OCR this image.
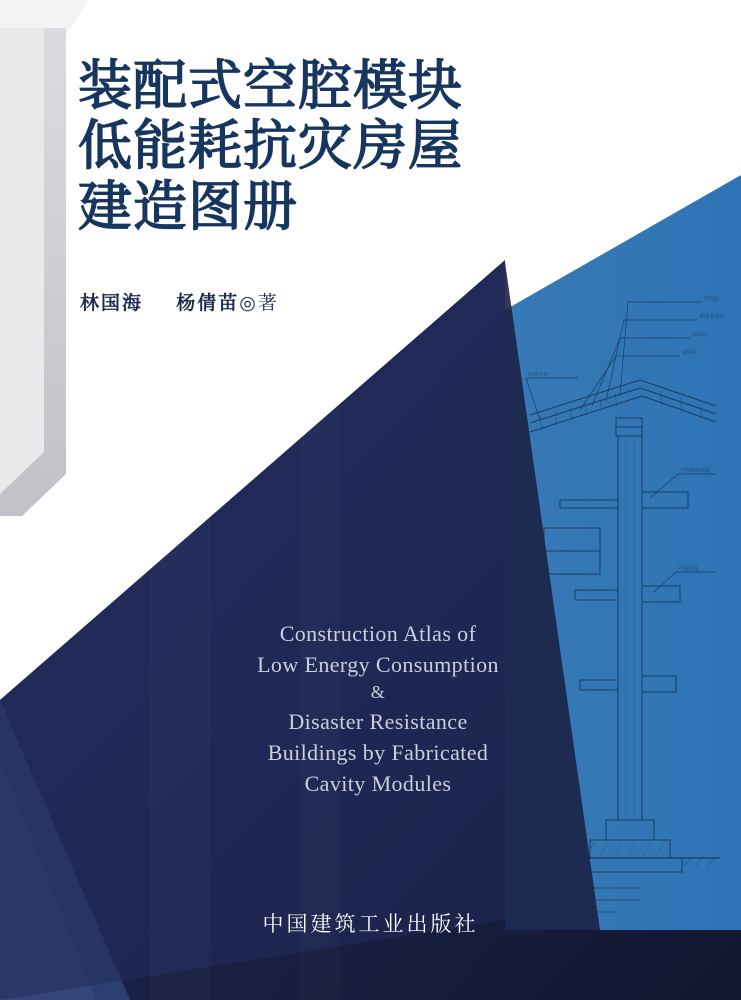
屋面板
保温层
防水卷材层
结构层
轻钢龙骨
空腔模块墙体
外墙保温
1
2
3
混凝土基础 地坪 基础梁
楼板连接节点详图说明
空腔模块装配示意
装配式空腔模块
低能耗抗灾房屋
建造图册
林国海 杨倩苗◎著
Construction Atlas of
Low Energy Consumption
&
Disaster Resistance
Buildings by Fabricated
Cavity Modules
中国建筑工业出版社
